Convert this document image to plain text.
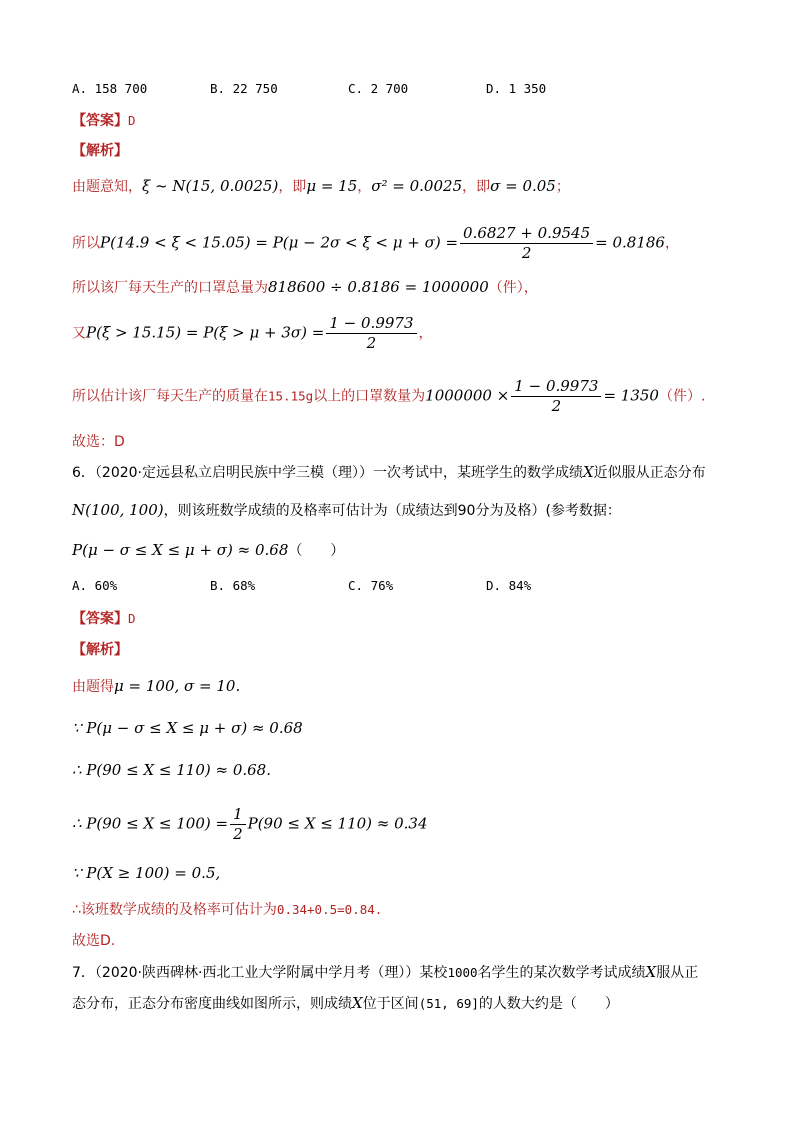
A. 158 700	B. 22 750	C. 2 700	D. 1 350
【答案】D
【解析】
由题意知，ξ ~ N(15, 0.0025)，即μ = 15，σ² = 0.0025，即σ = 0.05；
所以$P(14.9 < \xi < 15.05) = P(\mu - 2\sigma < \xi < \mu + \sigma) = \frac{0.6827 + 0.9545}{2} = 0.8186$，
所以该厂每天生产的口罩总量为818600 ÷ 0.8186 = 1000000（件），
又$P(\xi > 15.15) = P(\xi > \mu + 3\sigma) = \frac{1 - 0.9973}{2}$ ，
所以估计该厂每天生产的质量在15.15g以上的口罩数量为$1000000 \times \frac{1 - 0.9973}{2} = 1350$（件）.
故选：D
6．（2020·定远县私立启明民族中学三模（理））一次考试中，某班学生的数学成绩X近似服从正态分布
N(100, 100)，则该班数学成绩的及格率可估计为（成绩达到90分为及格）(参考数据：
P(μ − σ ≤ X ≤ μ + σ) ≈ 0.68（　　）
A. 60%	B. 68%	C. 76%	D. 84%
【答案】D
【解析】
由题得μ = 100, σ = 10.
∵ P(μ − σ ≤ X ≤ μ + σ) ≈ 0.68
∴ P(90 ≤ X ≤ 110) ≈ 0.68.
∴ $P(90 \le X \le 100) = \frac{1}{2} P(90 \le X \le 110) \approx 0.34$
∵ P(X ≥ 100) = 0.5,
∴该班数学成绩的及格率可估计为0.34+0.5=0.84.
故选D.
7．（2020·陕西碑林·西北工业大学附属中学月考（理））某校1000名学生的某次数学考试成绩X服从正
态分布，正态分布密度曲线如图所示，则成绩X位于区间(51, 69]的人数大约是（　　）
